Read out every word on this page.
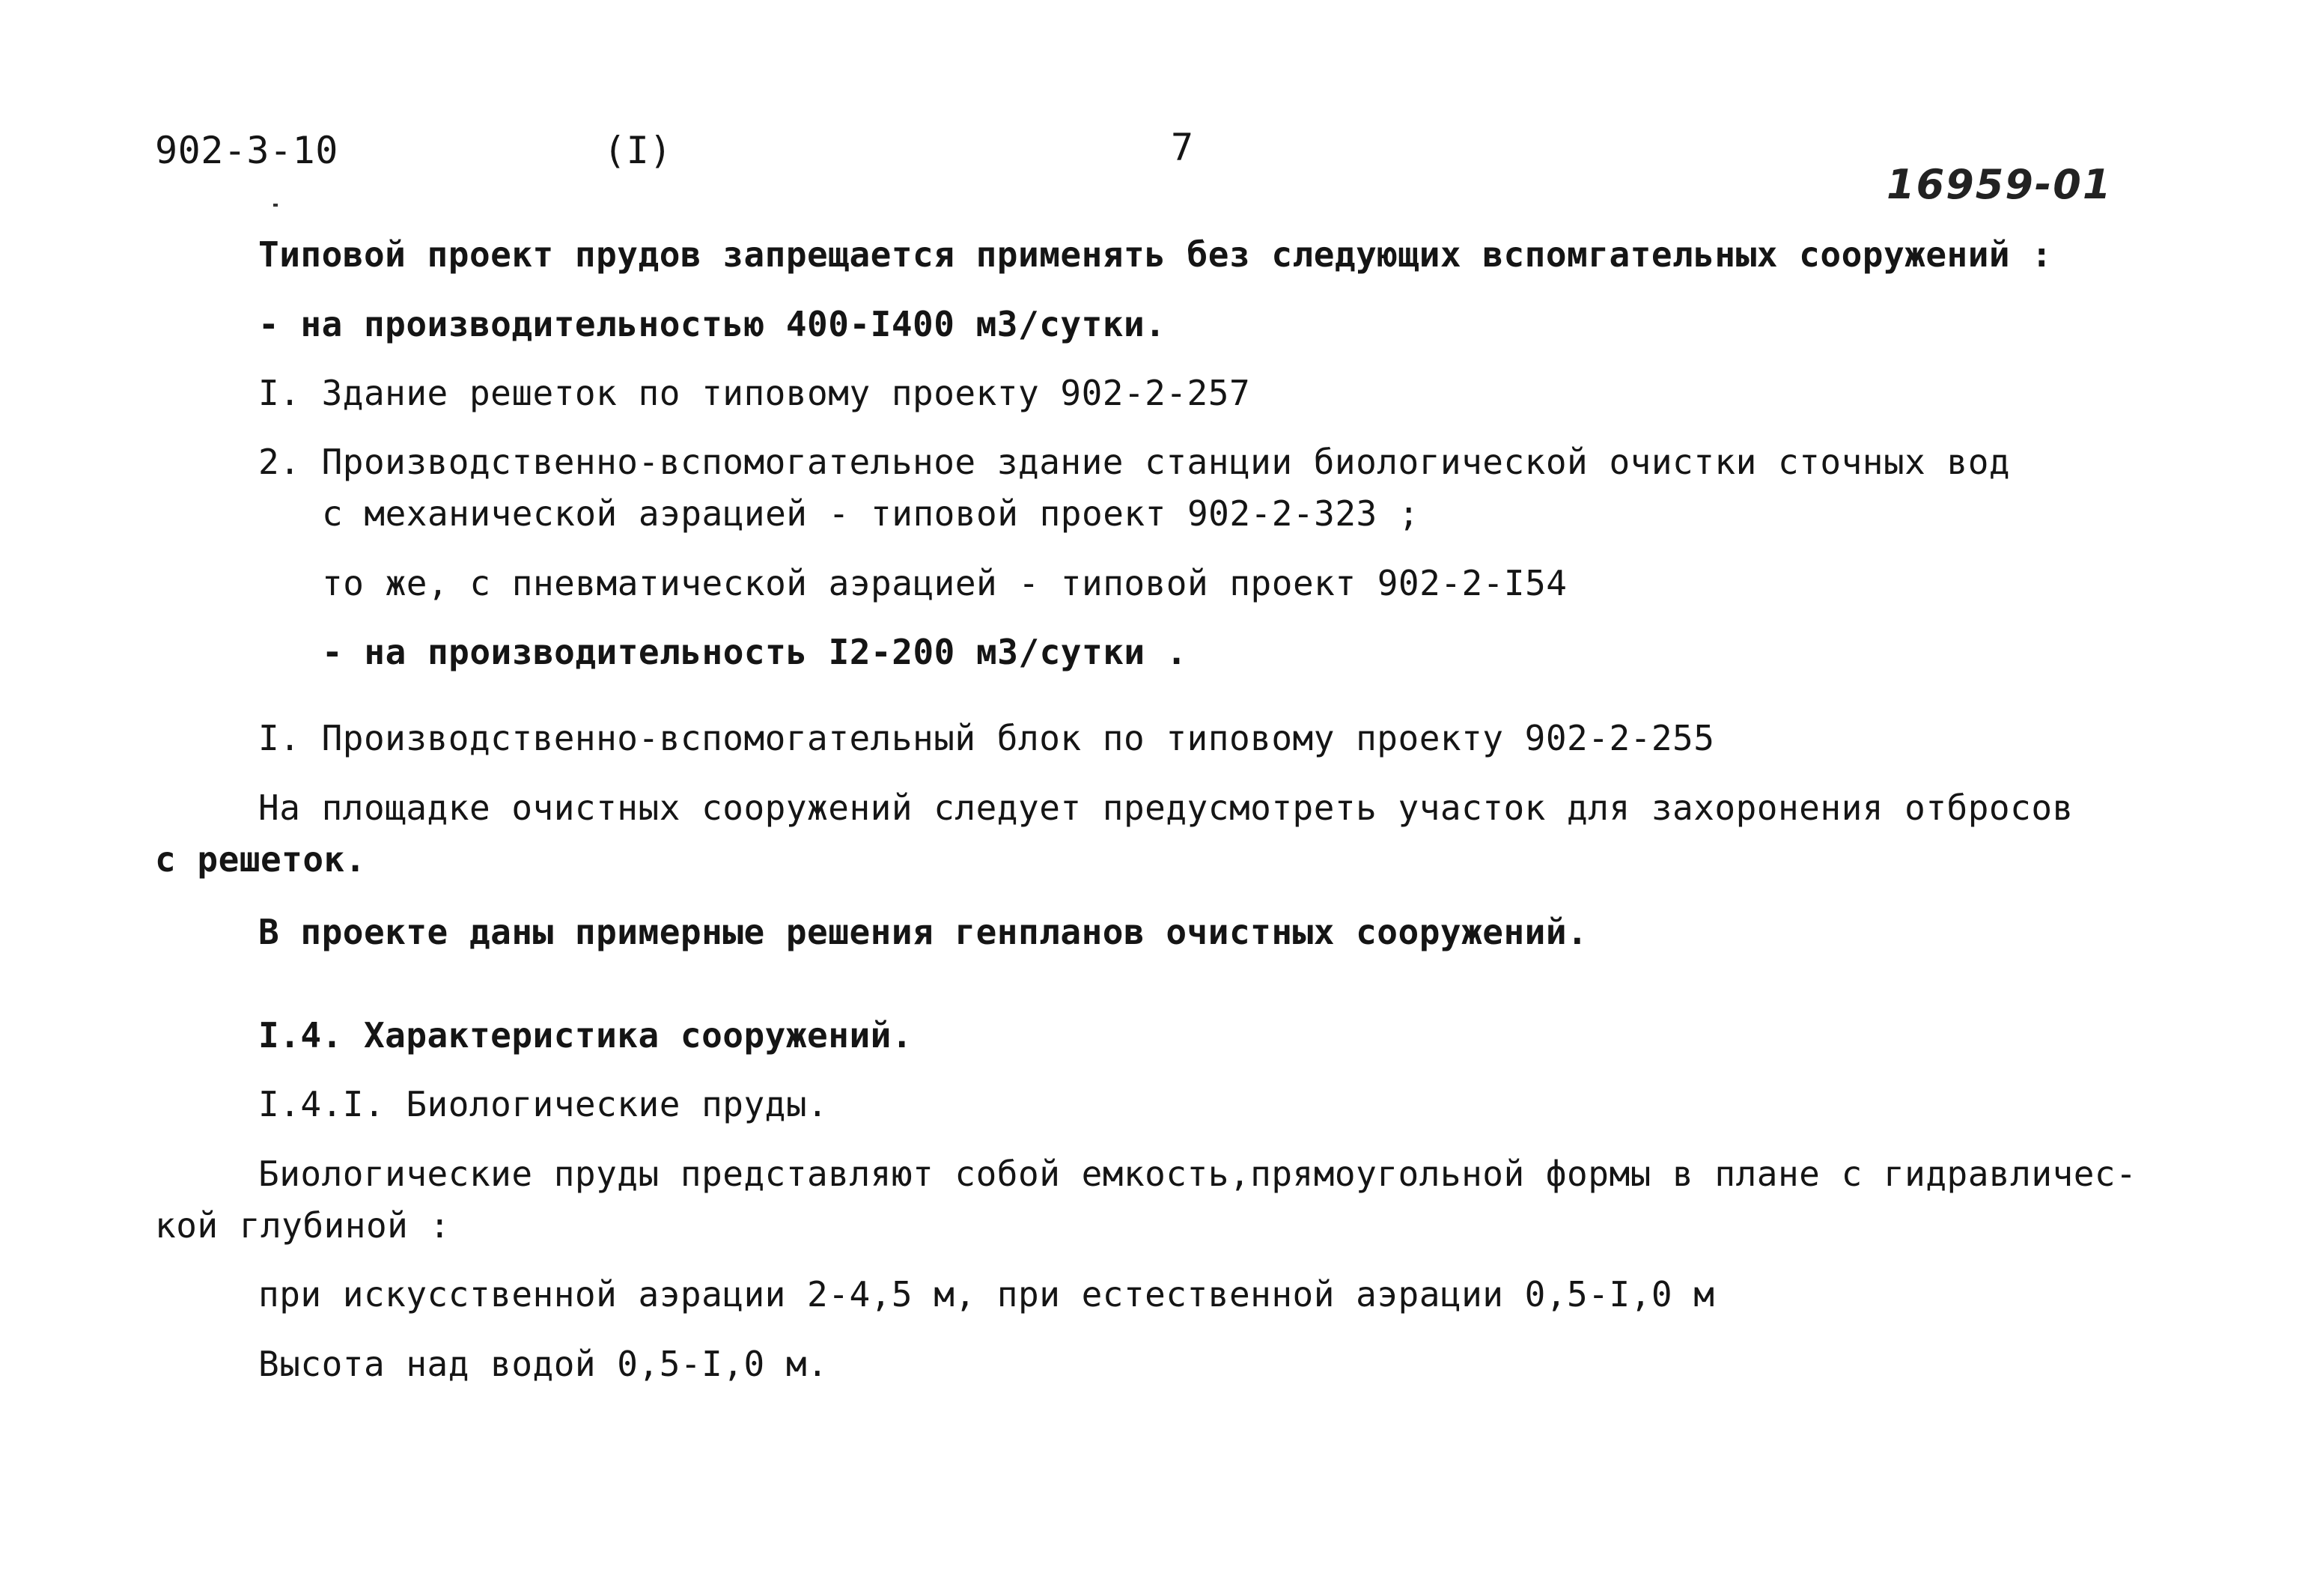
902-3-10	(I)	7
16959-01
Типовой проект прудов запрещается применять без следующих вспомгательных сооружений :
- на производительностью 400-I400 м3/сутки.
I. Здание решеток по типовому проекту 902-2-257
2. Производственно-вспомогательное здание станции биологической очистки сточных вод
с механической аэрацией - типовой проект 902-2-323 ;
то же, с пневматической аэрацией - типовой проект 902-2-I54
- на производительность I2-200 м3/сутки .
I. Производственно-вспомогательный блок по типовому проекту 902-2-255
На площадке очистных сооружений следует предусмотреть участок для захоронения отбросов
с решеток.
В проекте даны примерные решения генпланов очистных сооружений.
I.4. Характеристика сооружений.
I.4.I. Биологические пруды.
Биологические пруды представляют собой емкость,прямоугольной формы в плане с гидравличес-
кой глубиной :
при искусственной аэрации 2-4,5 м, при естественной аэрации 0,5-I,0 м
Высота над водой 0,5-I,0 м.
